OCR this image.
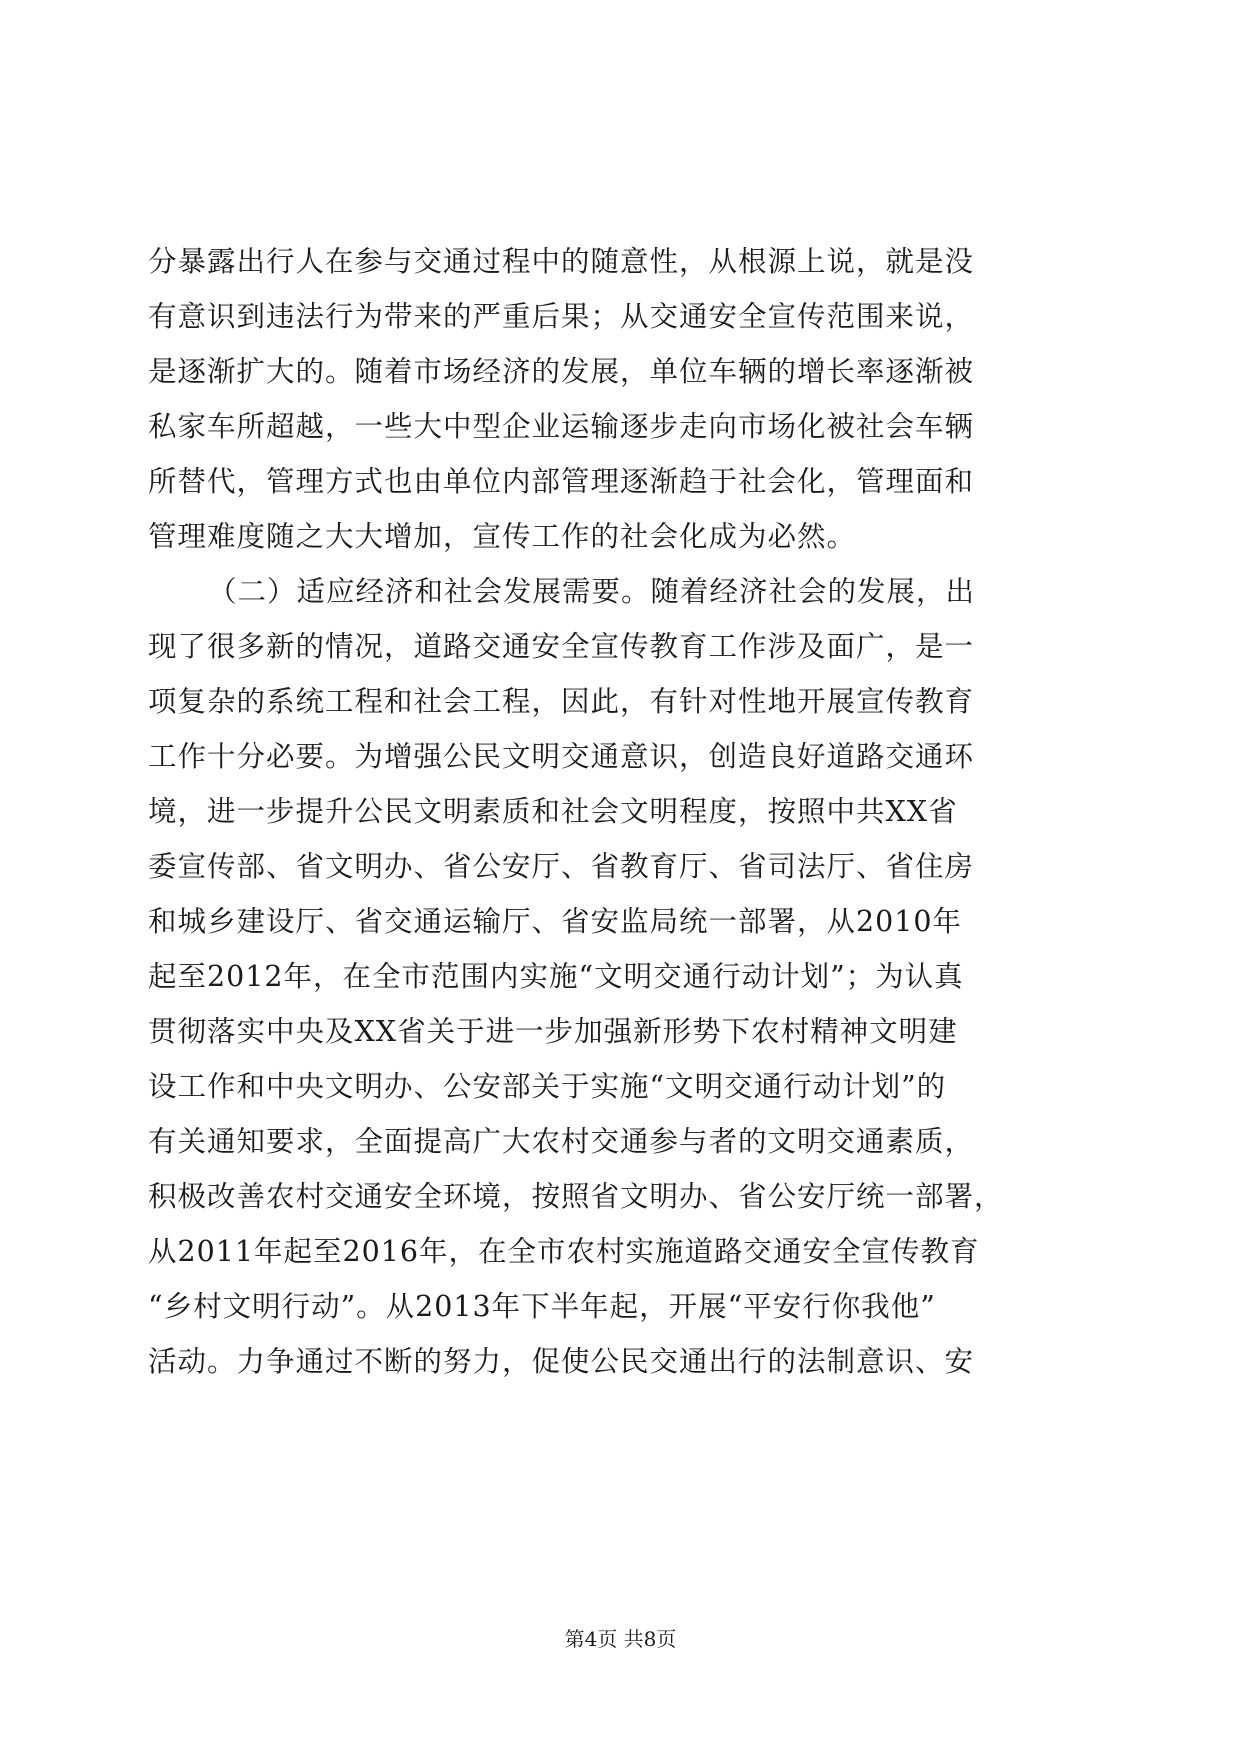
分暴露出行人在参与交通过程中的随意性，从根源上说，就是没
有意识到违法行为带来的严重后果；从交通安全宣传范围来说，
是逐渐扩大的。随着市场经济的发展，单位车辆的增长率逐渐被
私家车所超越，一些大中型企业运输逐步走向市场化被社会车辆
所替代，管理方式也由单位内部管理逐渐趋于社会化，管理面和
管理难度随之大大增加，宣传工作的社会化成为必然。
（二）适应经济和社会发展需要。随着经济社会的发展，出
现了很多新的情况，道路交通安全宣传教育工作涉及面广，是一
项复杂的系统工程和社会工程，因此，有针对性地开展宣传教育
工作十分必要。为增强公民文明交通意识，创造良好道路交通环
境，进一步提升公民文明素质和社会文明程度，按照中共XX省
委宣传部、省文明办、省公安厅、省教育厅、省司法厅、省住房
和城乡建设厅、省交通运输厅、省安监局统一部署，从2010年
起至2012年，在全市范围内实施“文明交通行动计划”；为认真
贯彻落实中央及XX省关于进一步加强新形势下农村精神文明建
设工作和中央文明办、公安部关于实施“文明交通行动计划”的
有关通知要求，全面提高广大农村交通参与者的文明交通素质，
积极改善农村交通安全环境，按照省文明办、省公安厅统一部署，
从2011年起至2016年，在全市农村实施道路交通安全宣传教育
“乡村文明行动”。从2013年下半年起，开展“平安行你我他”
活动。力争通过不断的努力，促使公民交通出行的法制意识、安
第4页 共8页
